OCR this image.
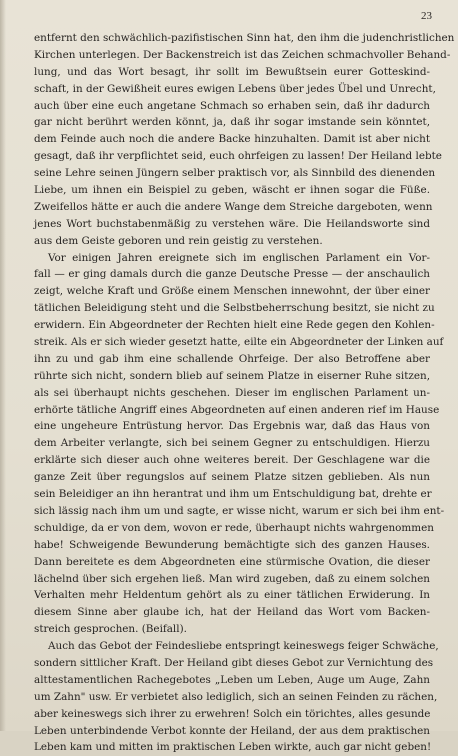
23
entfernt den schwächlich-pazifistischen Sinn hat, den ihm die judenchristlichen
Kirchen unterlegen. Der Backenstreich ist das Zeichen schmachvoller Behand-
lung, und das Wort besagt, ihr sollt im Bewußtsein eurer Gotteskind-
schaft, in der Gewißheit eures ewigen Lebens über jedes Übel und Unrecht,
auch über eine euch angetane Schmach so erhaben sein, daß ihr dadurch
gar nicht berührt werden könnt, ja, daß ihr sogar imstande sein könntet,
dem Feinde auch noch die andere Backe hinzuhalten. Damit ist aber nicht
gesagt, daß ihr verpflichtet seid, euch ohrfeigen zu lassen! Der Heiland lebte
seine Lehre seinen Jüngern selber praktisch vor, als Sinnbild des dienenden
Liebe, um ihnen ein Beispiel zu geben, wäscht er ihnen sogar die Füße.
Zweifellos hätte er auch die andere Wange dem Streiche dargeboten, wenn
jenes Wort buchstabenmäßig zu verstehen wäre. Die Heilandsworte sind
aus dem Geiste geboren und rein geistig zu verstehen.
Vor einigen Jahren ereignete sich im englischen Parlament ein Vor-
fall — er ging damals durch die ganze Deutsche Presse — der anschaulich
zeigt, welche Kraft und Größe einem Menschen innewohnt, der über einer
tätlichen Beleidigung steht und die Selbstbeherrschung besitzt, sie nicht zu
erwidern. Ein Abgeordneter der Rechten hielt eine Rede gegen den Kohlen-
streik. Als er sich wieder gesetzt hatte, eilte ein Abgeordneter der Linken auf
ihn zu und gab ihm eine schallende Ohrfeige. Der also Betroffene aber
rührte sich nicht, sondern blieb auf seinem Platze in eiserner Ruhe sitzen,
als sei überhaupt nichts geschehen. Dieser im englischen Parlament un-
erhörte tätliche Angriff eines Abgeordneten auf einen anderen rief im Hause
eine ungeheure Entrüstung hervor. Das Ergebnis war, daß das Haus von
dem Arbeiter verlangte, sich bei seinem Gegner zu entschuldigen. Hierzu
erklärte sich dieser auch ohne weiteres bereit. Der Geschlagene war die
ganze Zeit über regungslos auf seinem Platze sitzen geblieben. Als nun
sein Beleidiger an ihn herantrat und ihm um Entschuldigung bat, drehte er
sich lässig nach ihm um und sagte, er wisse nicht, warum er sich bei ihm ent-
schuldige, da er von dem, wovon er rede, überhaupt nichts wahrgenommen
habe! Schweigende Bewunderung bemächtigte sich des ganzen Hauses.
Dann bereitete es dem Abgeordneten eine stürmische Ovation, die dieser
lächelnd über sich ergehen ließ. Man wird zugeben, daß zu einem solchen
Verhalten mehr Heldentum gehört als zu einer tätlichen Erwiderung. In
diesem Sinne aber glaube ich, hat der Heiland das Wort vom Backen-
streich gesprochen. (Beifall).
Auch das Gebot der Feindesliebe entspringt keineswegs feiger Schwäche,
sondern sittlicher Kraft. Der Heiland gibt dieses Gebot zur Vernichtung des
alttestamentlichen Rachegebotes „Leben um Leben, Auge um Auge, Zahn
um Zahn" usw. Er verbietet also lediglich, sich an seinen Feinden zu rächen,
aber keineswegs sich ihrer zu erwehren! Solch ein törichtes, alles gesunde
Leben unterbindende Verbot konnte der Heiland, der aus dem praktischen
Leben kam und mitten im praktischen Leben wirkte, auch gar nicht geben!
